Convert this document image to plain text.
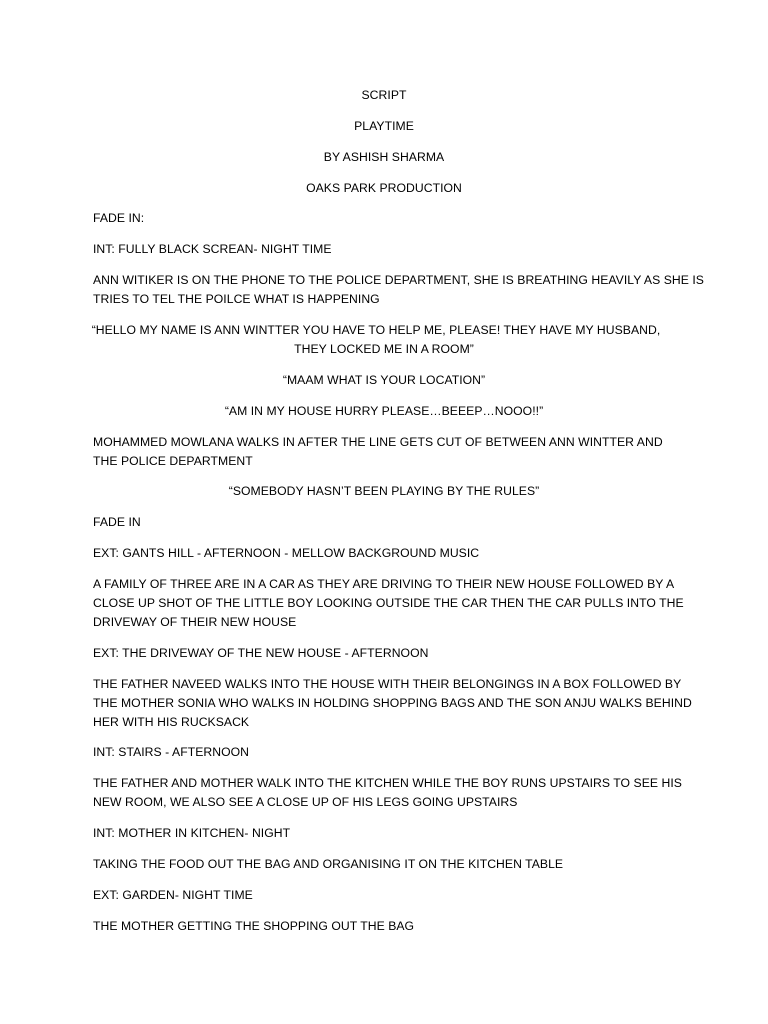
SCRIPT
PLAYTIME
BY ASHISH SHARMA
OAKS PARK PRODUCTION
FADE IN:
INT: FULLY BLACK SCREAN- NIGHT TIME
ANN WITIKER IS ON THE PHONE TO THE POLICE DEPARTMENT, SHE IS BREATHING HEAVILY AS SHE IS
TRIES TO TEL THE POILCE WHAT IS HAPPENING
“HELLO MY NAME IS ANN WINTTER YOU HAVE TO HELP ME, PLEASE! THEY HAVE MY HUSBAND,
THEY LOCKED ME IN A ROOM”
“MAAM WHAT IS YOUR LOCATION”
“AM IN MY HOUSE HURRY PLEASE…BEEEP…NOOO!!”
MOHAMMED MOWLANA WALKS IN AFTER THE LINE GETS CUT OF BETWEEN ANN WINTTER AND
THE POLICE DEPARTMENT
“SOMEBODY HASN’T BEEN PLAYING BY THE RULES”
FADE IN
EXT: GANTS HILL - AFTERNOON - MELLOW BACKGROUND MUSIC
A FAMILY OF THREE ARE IN A CAR AS THEY ARE DRIVING TO THEIR NEW HOUSE FOLLOWED BY A
CLOSE UP SHOT OF THE LITTLE BOY LOOKING OUTSIDE THE CAR THEN THE CAR PULLS INTO THE
DRIVEWAY OF THEIR NEW HOUSE
EXT: THE DRIVEWAY OF THE NEW HOUSE - AFTERNOON
THE FATHER NAVEED WALKS INTO THE HOUSE WITH THEIR BELONGINGS IN A BOX FOLLOWED BY
THE MOTHER SONIA WHO WALKS IN HOLDING SHOPPING BAGS AND THE SON ANJU WALKS BEHIND
HER WITH HIS RUCKSACK
INT: STAIRS - AFTERNOON
THE FATHER AND MOTHER WALK INTO THE KITCHEN WHILE THE BOY RUNS UPSTAIRS TO SEE HIS
NEW ROOM, WE ALSO SEE A CLOSE UP OF HIS LEGS GOING UPSTAIRS
INT: MOTHER IN KITCHEN- NIGHT
TAKING THE FOOD OUT THE BAG AND ORGANISING IT ON THE KITCHEN TABLE
EXT: GARDEN- NIGHT TIME
THE MOTHER GETTING THE SHOPPING OUT THE BAG
